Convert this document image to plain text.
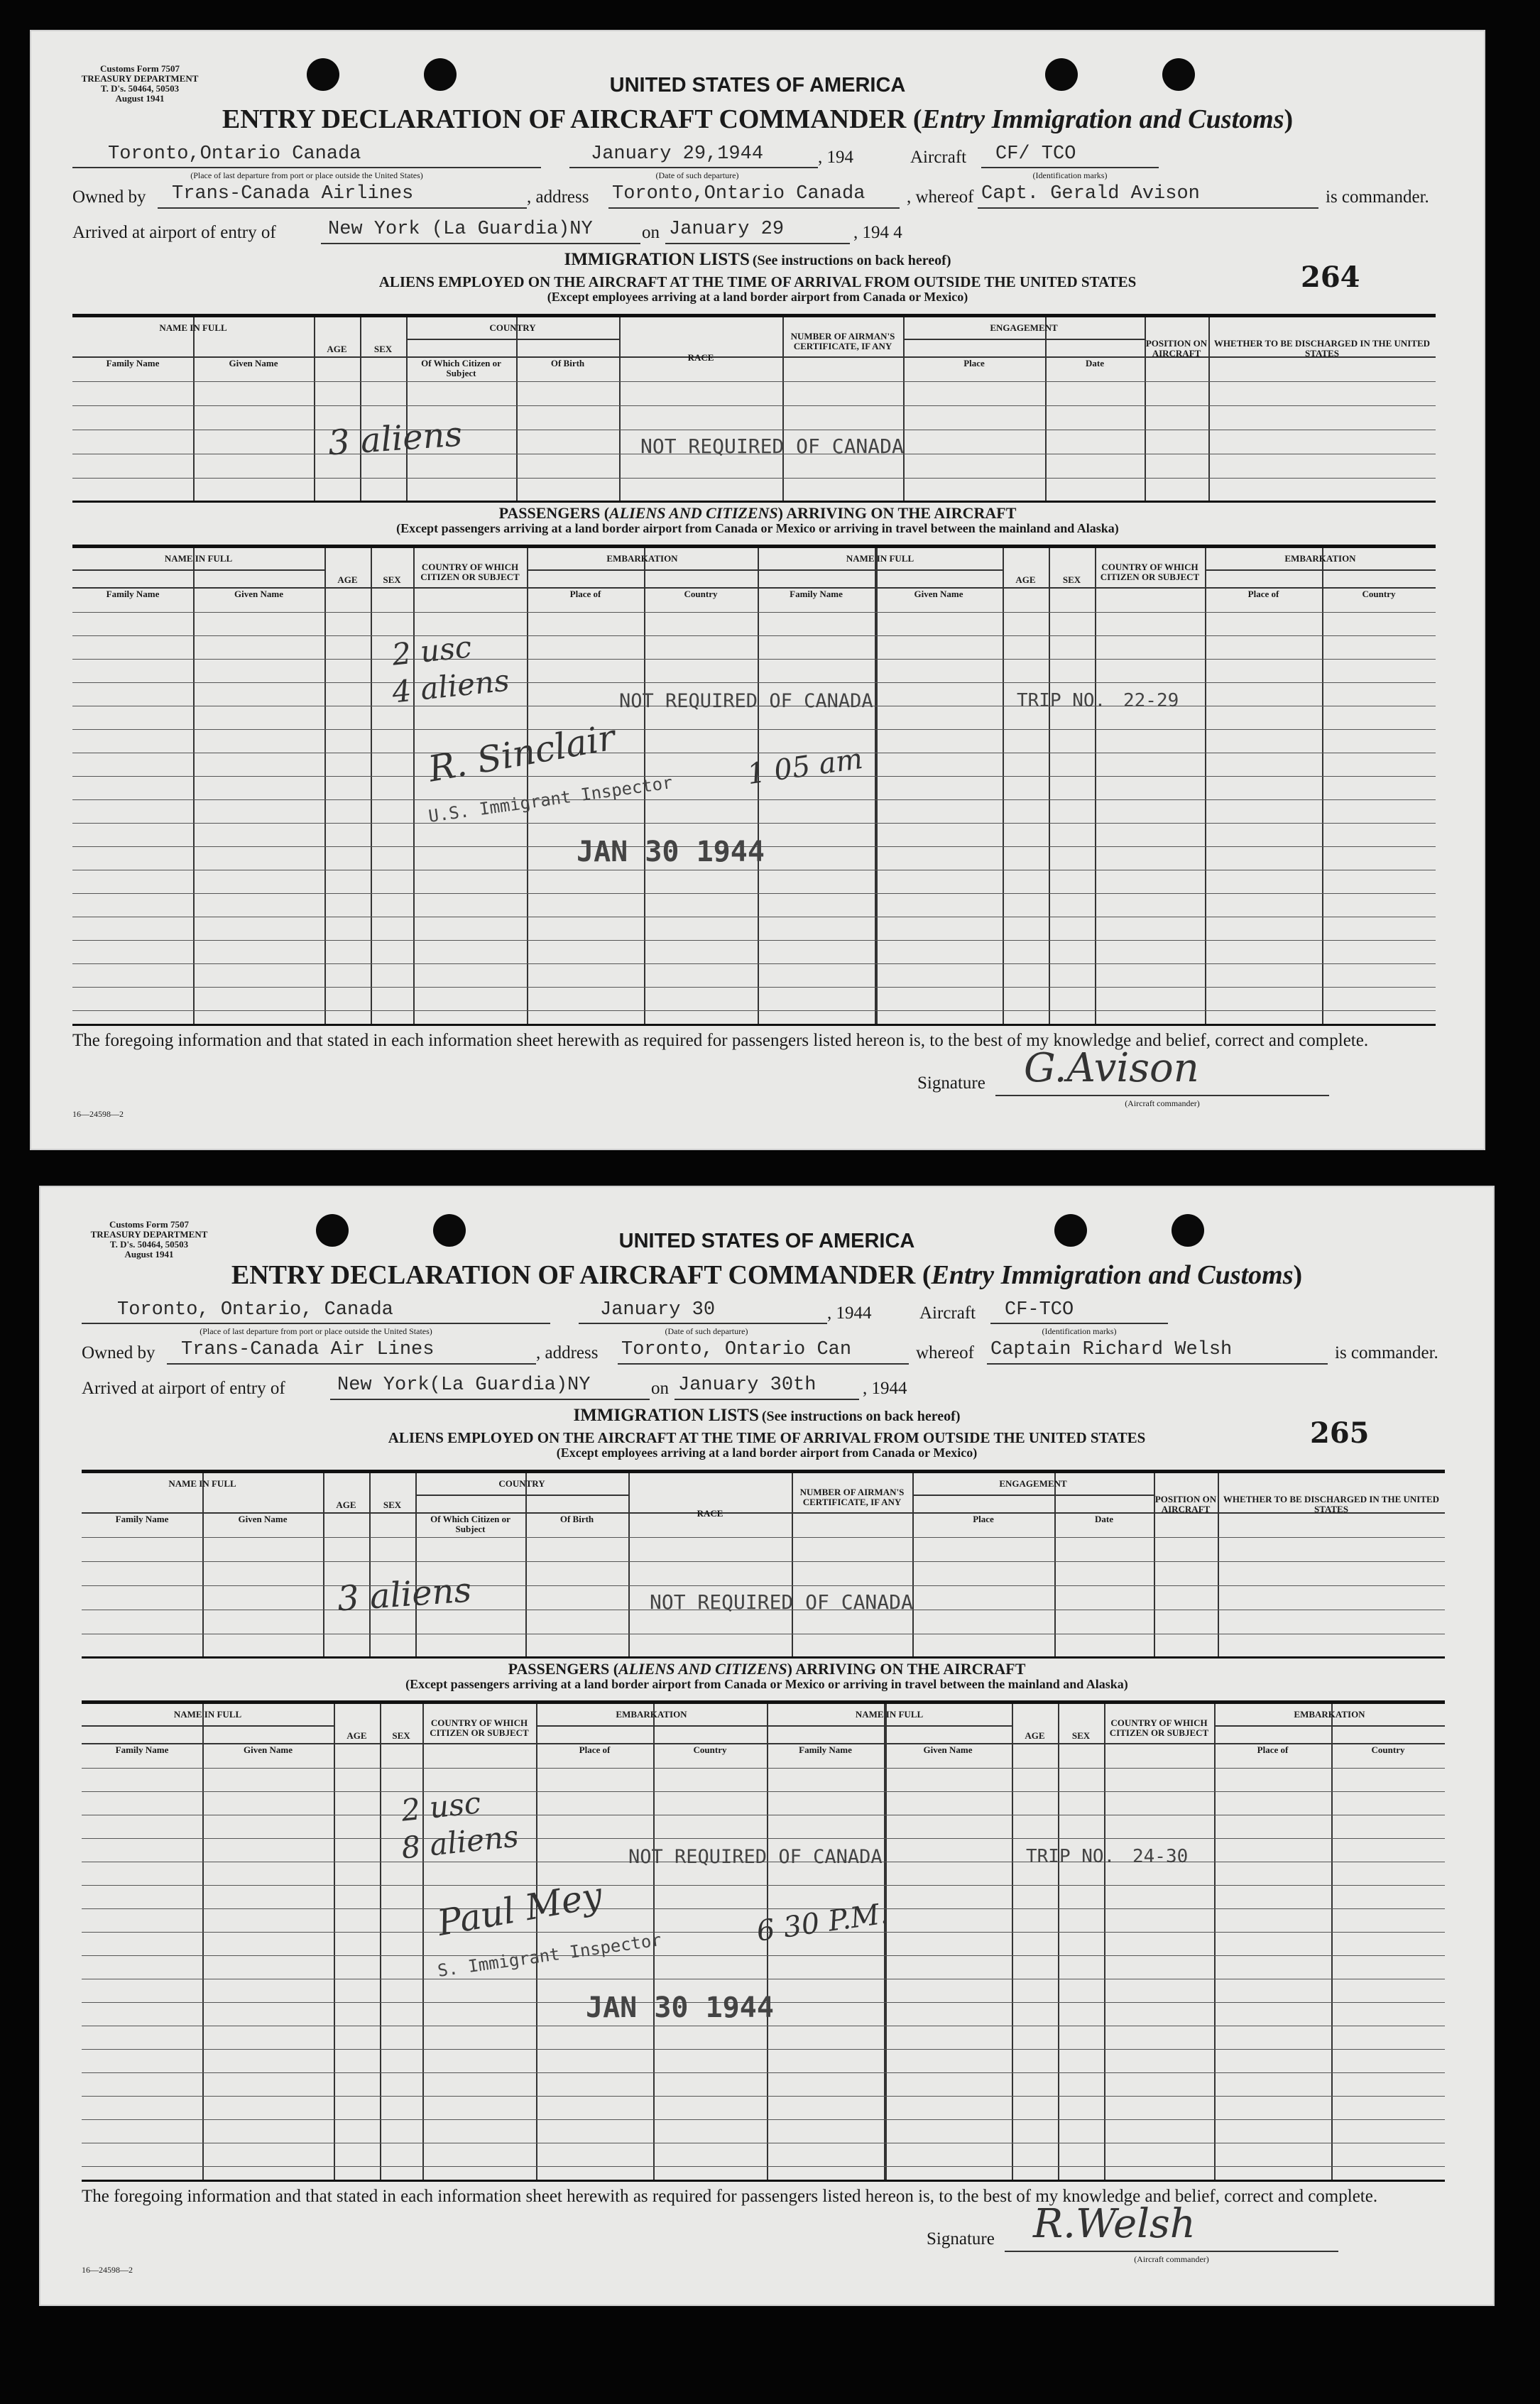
Customs Form 7507
TREASURY DEPARTMENT
T. D's. 50464, 50503
August 1941
UNITED STATES OF AMERICA
ENTRY DECLARATION OF AIRCRAFT COMMANDER (Entry Immigration and Customs)
Toronto,Ontario Canada
(Place of last departure from port or place outside the United States)
January 29,1944	, 194
(Date of such departure)
Aircraft CF/ TCO
(Identification marks)
Owned by Trans-Canada Airlines	, address Toronto,Ontario Canada , whereof Capt. Gerald Avison	is commander.
Arrived at airport of entry of	New York (La Guardia)NY	on January 29	, 194 4
IMMIGRATION LISTS (See instructions on back hereof)	264
ALIENS EMPLOYED ON THE AIRCRAFT AT THE TIME OF ARRIVAL FROM OUTSIDE THE UNITED STATES
(Except employees arriving at a land border airport from Canada or Mexico)
NAME IN FULL
Family Name	Given Name
AGE	SEX
COUNTRY
Of Which Citizen or Subject
Of Birth
RACE
NUMBER OF AIRMAN'S CERTIFICATE, IF ANY
ENGAGEMENT
Place	Date
POSITION ON AIRCRAFT
WHETHER TO BE DISCHARGED IN THE UNITED STATES
PASSENGERS (ALIENS AND CITIZENS) ARRIVING ON THE AIRCRAFT
(Except passengers arriving at a land border airport from Canada or Mexico or arriving in travel between the mainland and Alaska)
NAME IN FULL
Family Name	Given Name
AGE	SEX
COUNTRY OF WHICH CITIZEN OR SUBJECT
EMBARKATION
Place of	Country
NAME IN FULL
Family Name	Given Name
AGE	SEX
COUNTRY OF WHICH CITIZEN OR SUBJECT
EMBARKATION
Place of	Country
3 aliens	NOT REQUIRED OF CANADA
2 usc
4 aliens	NOT REQUIRED OF CANADA	TRIP NO. 22-29
R. Sinclair
U.S. Immigrant Inspector
1 05 am
JAN 30 1944
The foregoing information and that stated in each information sheet herewith as required for passengers listed hereon is, to the best of my knowledge and belief, correct and complete.
Signature G.Avison
(Aircraft commander)
16—24598—2
Customs Form 7507
TREASURY DEPARTMENT
T. D's. 50464, 50503
August 1941
UNITED STATES OF AMERICA
ENTRY DECLARATION OF AIRCRAFT COMMANDER (Entry Immigration and Customs)
Toronto, Ontario, Canada
(Place of last departure from port or place outside the United States)
January 30	, 1944
(Date of such departure)
Aircraft CF-TCO
(Identification marks)
Owned by Trans-Canada Air Lines	, address Toronto, Ontario Can	whereof Captain Richard Welsh	is commander.
Arrived at airport of entry of	New York(La Guardia)NY	on January 30th	, 1944
IMMIGRATION LISTS (See instructions on back hereof)	265
ALIENS EMPLOYED ON THE AIRCRAFT AT THE TIME OF ARRIVAL FROM OUTSIDE THE UNITED STATES
(Except employees arriving at a land border airport from Canada or Mexico)
NAME IN FULL
Family Name	Given Name
AGE	SEX
COUNTRY
Of Which Citizen or Subject
Of Birth
RACE
NUMBER OF AIRMAN'S CERTIFICATE, IF ANY
ENGAGEMENT
Place	Date
POSITION ON AIRCRAFT
WHETHER TO BE DISCHARGED IN THE UNITED STATES
PASSENGERS (ALIENS AND CITIZENS) ARRIVING ON THE AIRCRAFT
(Except passengers arriving at a land border airport from Canada or Mexico or arriving in travel between the mainland and Alaska)
NAME IN FULL
Family Name	Given Name
AGE	SEX
COUNTRY OF WHICH CITIZEN OR SUBJECT
EMBARKATION
Place of	Country
NAME IN FULL
Family Name	Given Name
AGE	SEX
COUNTRY OF WHICH CITIZEN OR SUBJECT
EMBARKATION
Place of	Country
3 aliens	NOT REQUIRED OF CANADA
2 usc
8 aliens	NOT REQUIRED OF CANADA	TRIP NO. 24-30
Paul Mey
S. Immigrant Inspector
6 30 P.M.
JAN 30 1944
The foregoing information and that stated in each information sheet herewith as required for passengers listed hereon is, to the best of my knowledge and belief, correct and complete.
Signature R.Welsh
(Aircraft commander)
16—24598—2
